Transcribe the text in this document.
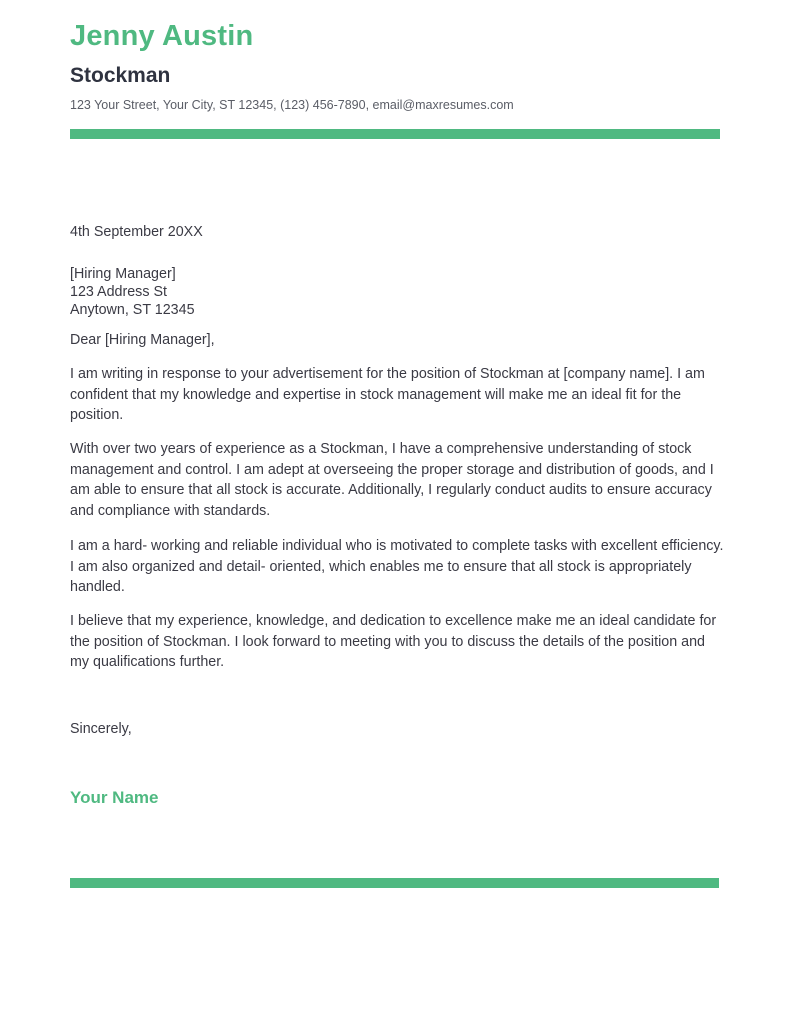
Jenny Austin
Stockman
123 Your Street, Your City, ST 12345, (123) 456-7890, email@maxresumes.com
4th September 20XX
[Hiring Manager]
123 Address St
Anytown, ST 12345
Dear [Hiring Manager],
I am writing in response to your advertisement for the position of Stockman at [company name]. I am confident that my knowledge and expertise in stock management will make me an ideal fit for the position.
With over two years of experience as a Stockman, I have a comprehensive understanding of stock management and control. I am adept at overseeing the proper storage and distribution of goods, and I am able to ensure that all stock is accurate. Additionally, I regularly conduct audits to ensure accuracy and compliance with standards.
I am a hard- working and reliable individual who is motivated to complete tasks with excellent efficiency. I am also organized and detail- oriented, which enables me to ensure that all stock is appropriately handled.
I believe that my experience, knowledge, and dedication to excellence make me an ideal candidate for the position of Stockman. I look forward to meeting with you to discuss the details of the position and my qualifications further.
Sincerely,
Your Name
